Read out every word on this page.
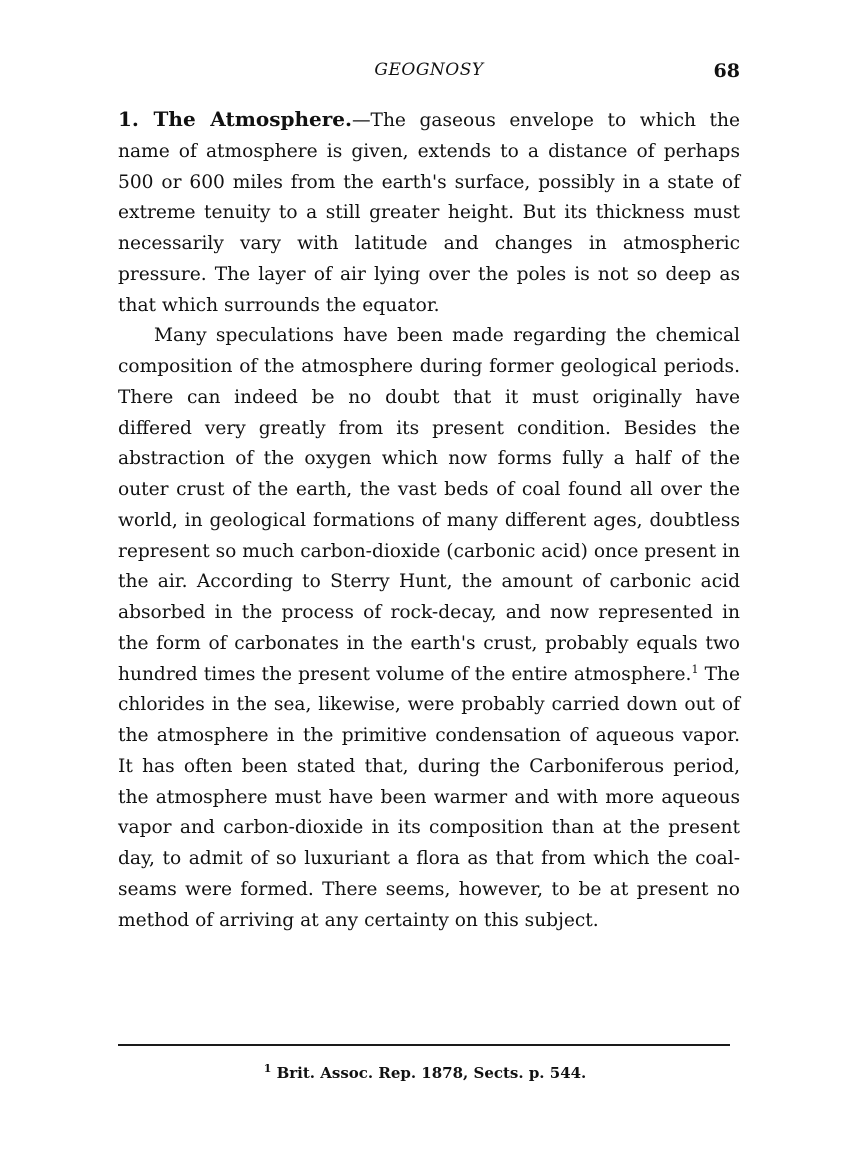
GEOGNOSY	68

1. The Atmosphere.—The gaseous envelope to which the name of atmosphere is given, extends to a distance of perhaps 500 or 600 miles from the earth's surface, possibly in a state of extreme tenuity to a still greater height. But its thickness must necessarily vary with latitude and changes in atmospheric pressure. The layer of air lying over the poles is not so deep as that which surrounds the equator.

Many speculations have been made regarding the chemical composition of the atmosphere during former geological periods. There can indeed be no doubt that it must originally have differed very greatly from its present condition. Besides the abstraction of the oxygen which now forms fully a half of the outer crust of the earth, the vast beds of coal found all over the world, in geological formations of many different ages, doubtless represent so much carbon-dioxide (carbonic acid) once present in the air. According to Sterry Hunt, the amount of carbonic acid absorbed in the process of rock-decay, and now represented in the form of carbonates in the earth's crust, probably equals two hundred times the present volume of the entire atmosphere.$^1$ The chlorides in the sea, likewise, were probably carried down out of the atmosphere in the primitive condensation of aqueous vapor. It has often been stated that, during the Carboniferous period, the atmosphere must have been warmer and with more aqueous vapor and carbon-dioxide in its composition than at the present day, to admit of so luxuriant a flora as that from which the coal-seams were formed. There seems, however, to be at present no method of arriving at any certainty on this subject.

$^1$ Brit. Assoc. Rep. 1878, Sects. p. 544.
